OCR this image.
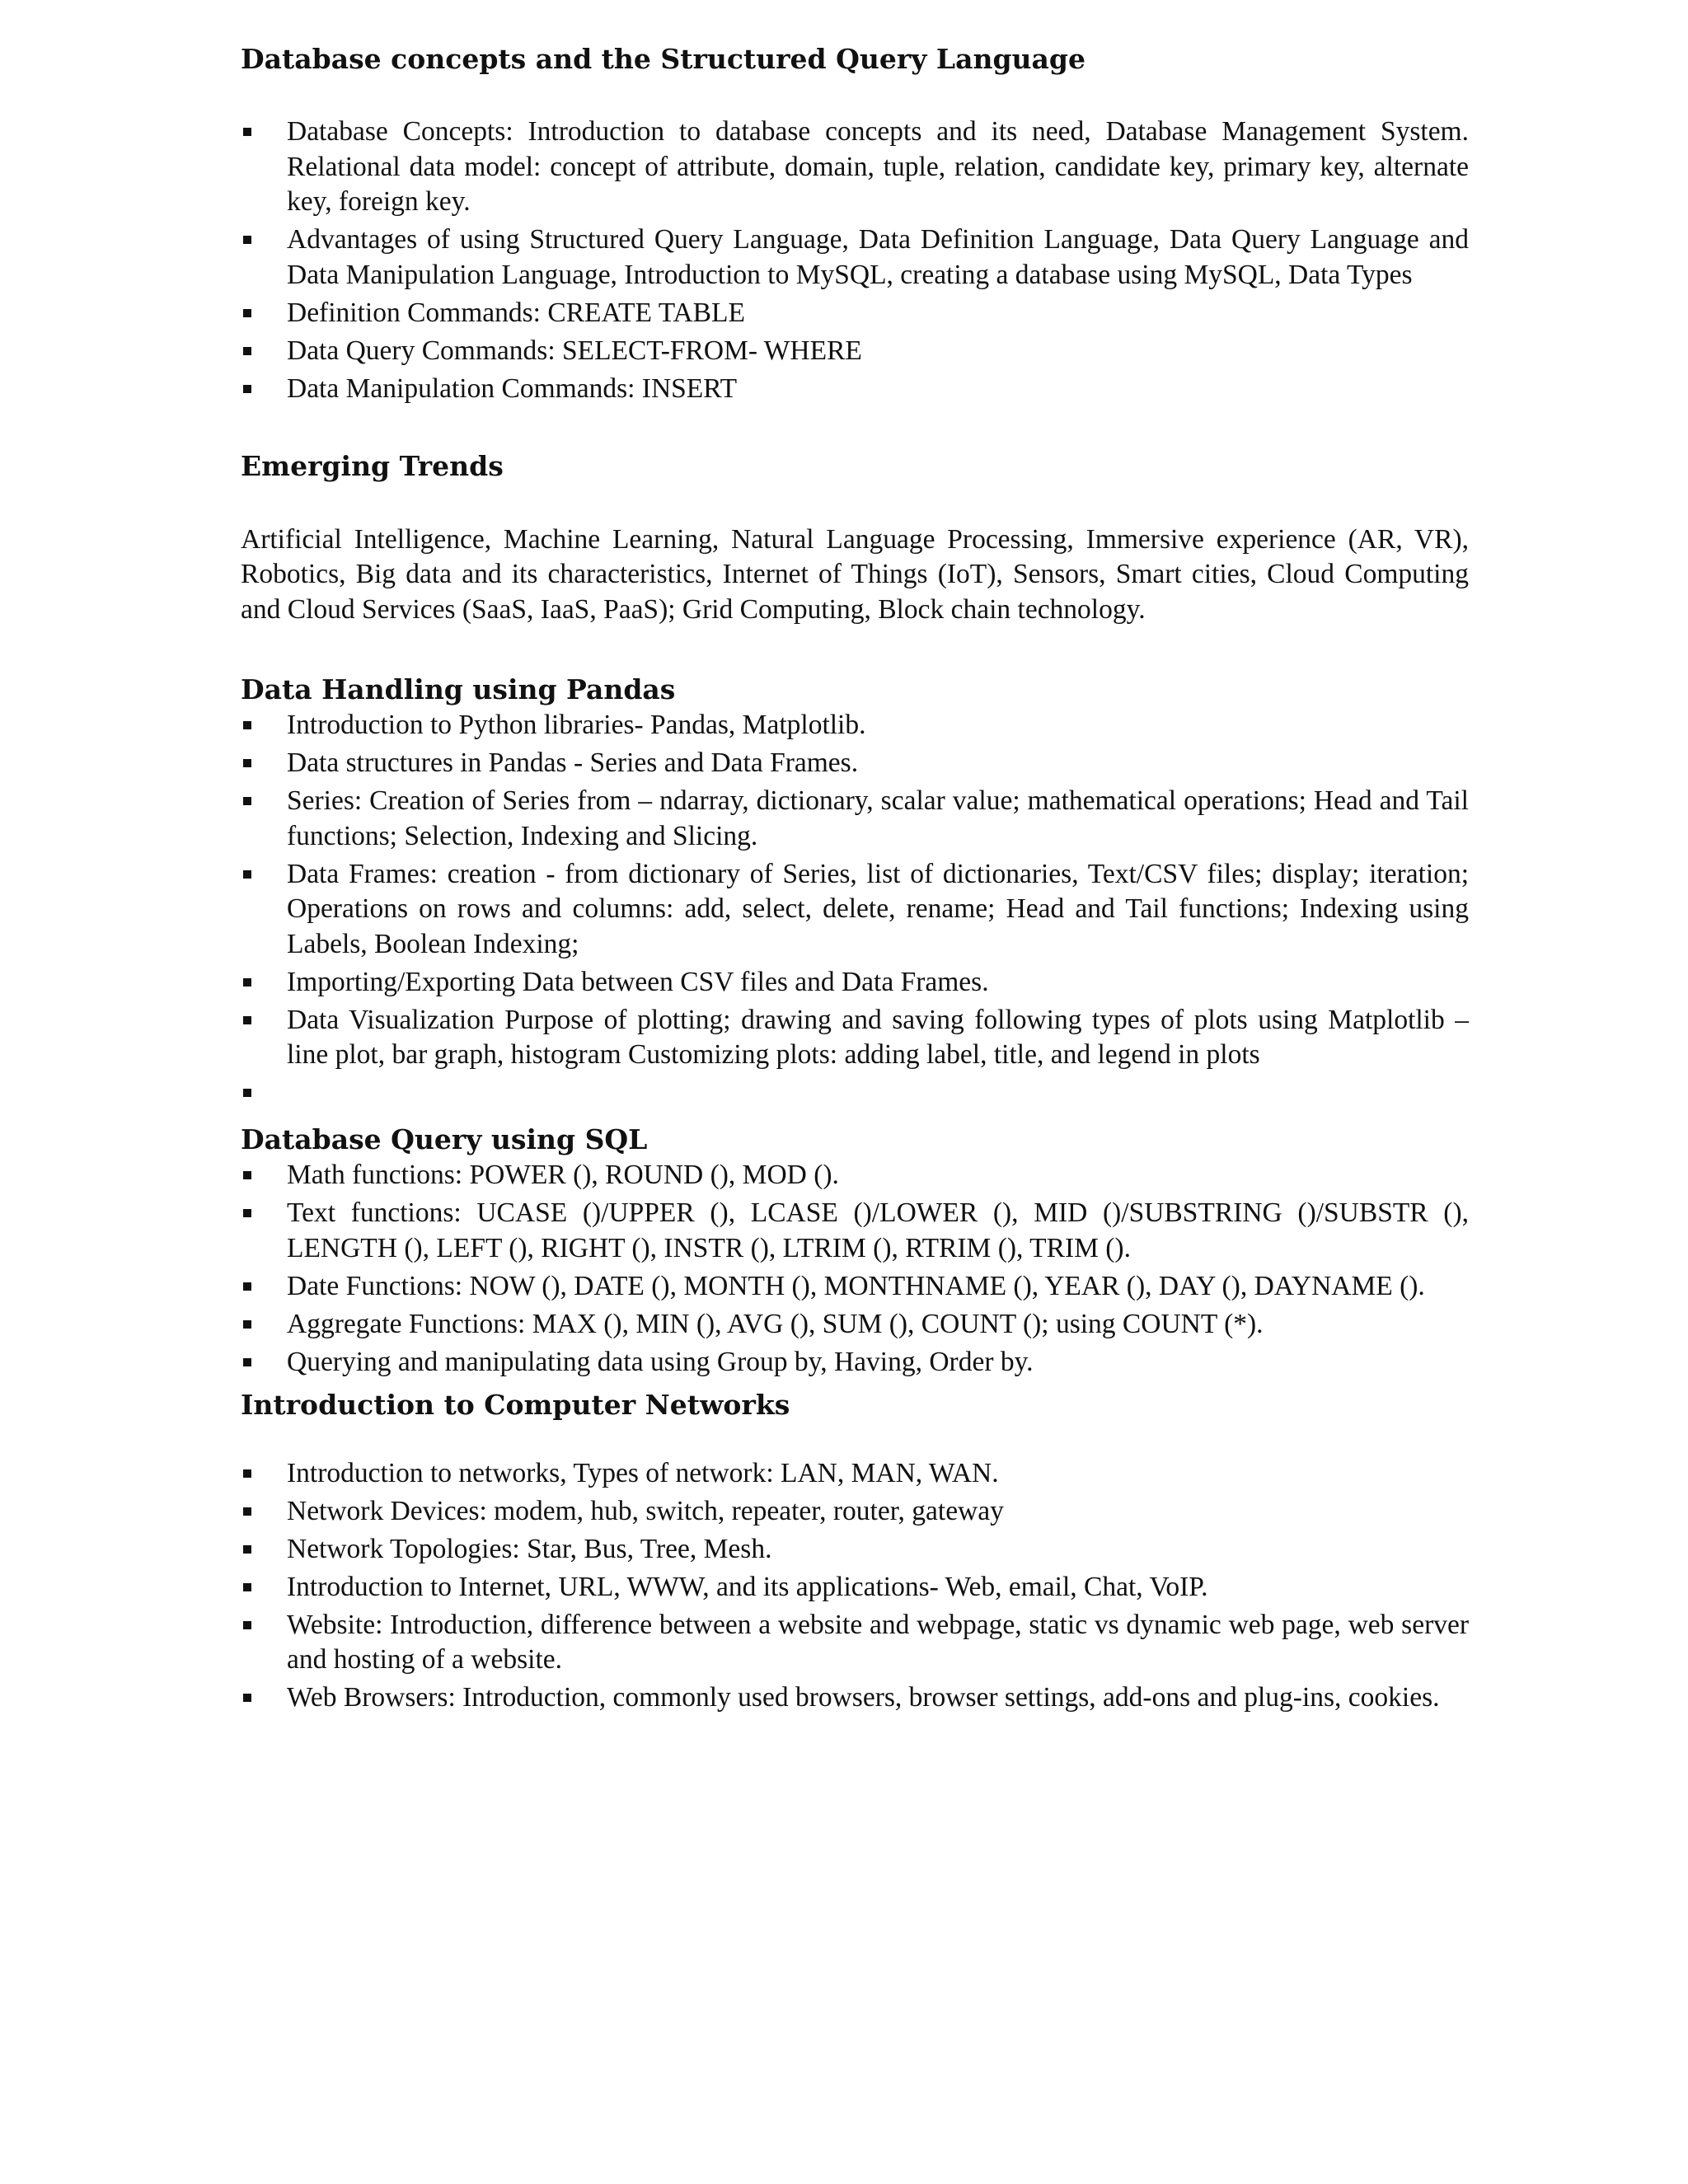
Database concepts and the Structured Query Language
Database Concepts: Introduction to database concepts and its need, Database Management System. Relational data model: concept of attribute, domain, tuple, relation, candidate key, primary key, alternate key, foreign key.
Advantages of using Structured Query Language, Data Definition Language, Data Query Language and Data Manipulation Language, Introduction to MySQL, creating a database using MySQL, Data Types
Definition Commands: CREATE TABLE
Data Query Commands: SELECT-FROM- WHERE
Data Manipulation Commands: INSERT
Emerging Trends

Artificial Intelligence, Machine Learning, Natural Language Processing, Immersive experience (AR, VR), Robotics, Big data and its characteristics, Internet of Things (IoT), Sensors, Smart cities, Cloud Computing and Cloud Services (SaaS, IaaS, PaaS); Grid Computing, Block chain technology.

Data Handling using Pandas
Introduction to Python libraries- Pandas, Matplotlib.
Data structures in Pandas - Series and Data Frames.
Series: Creation of Series from – ndarray, dictionary, scalar value; mathematical operations; Head and Tail functions; Selection, Indexing and Slicing.
Data Frames: creation - from dictionary of Series, list of dictionaries, Text/CSV files; display; iteration; Operations on rows and columns: add, select, delete, rename; Head and Tail functions; Indexing using Labels, Boolean Indexing;
Importing/Exporting Data between CSV files and Data Frames.
Data Visualization Purpose of plotting; drawing and saving following types of plots using Matplotlib – line plot, bar graph, histogram Customizing plots: adding label, title, and legend in plots
Database Query using SQL
Math functions: POWER (), ROUND (), MOD ().
Text functions: UCASE ()/UPPER (), LCASE ()/LOWER (), MID ()/SUBSTRING ()/SUBSTR (), LENGTH (), LEFT (), RIGHT (), INSTR (), LTRIM (), RTRIM (), TRIM ().
Date Functions: NOW (), DATE (), MONTH (), MONTHNAME (), YEAR (), DAY (), DAYNAME ().
Aggregate Functions: MAX (), MIN (), AVG (), SUM (), COUNT (); using COUNT (*).
Querying and manipulating data using Group by, Having, Order by.
Introduction to Computer Networks
Introduction to networks, Types of network: LAN, MAN, WAN.
Network Devices: modem, hub, switch, repeater, router, gateway
Network Topologies: Star, Bus, Tree, Mesh.
Introduction to Internet, URL, WWW, and its applications- Web, email, Chat, VoIP.
Website: Introduction, difference between a website and webpage, static vs dynamic web page, web server and hosting of a website.
Web Browsers: Introduction, commonly used browsers, browser settings, add-ons and plug-ins, cookies.
